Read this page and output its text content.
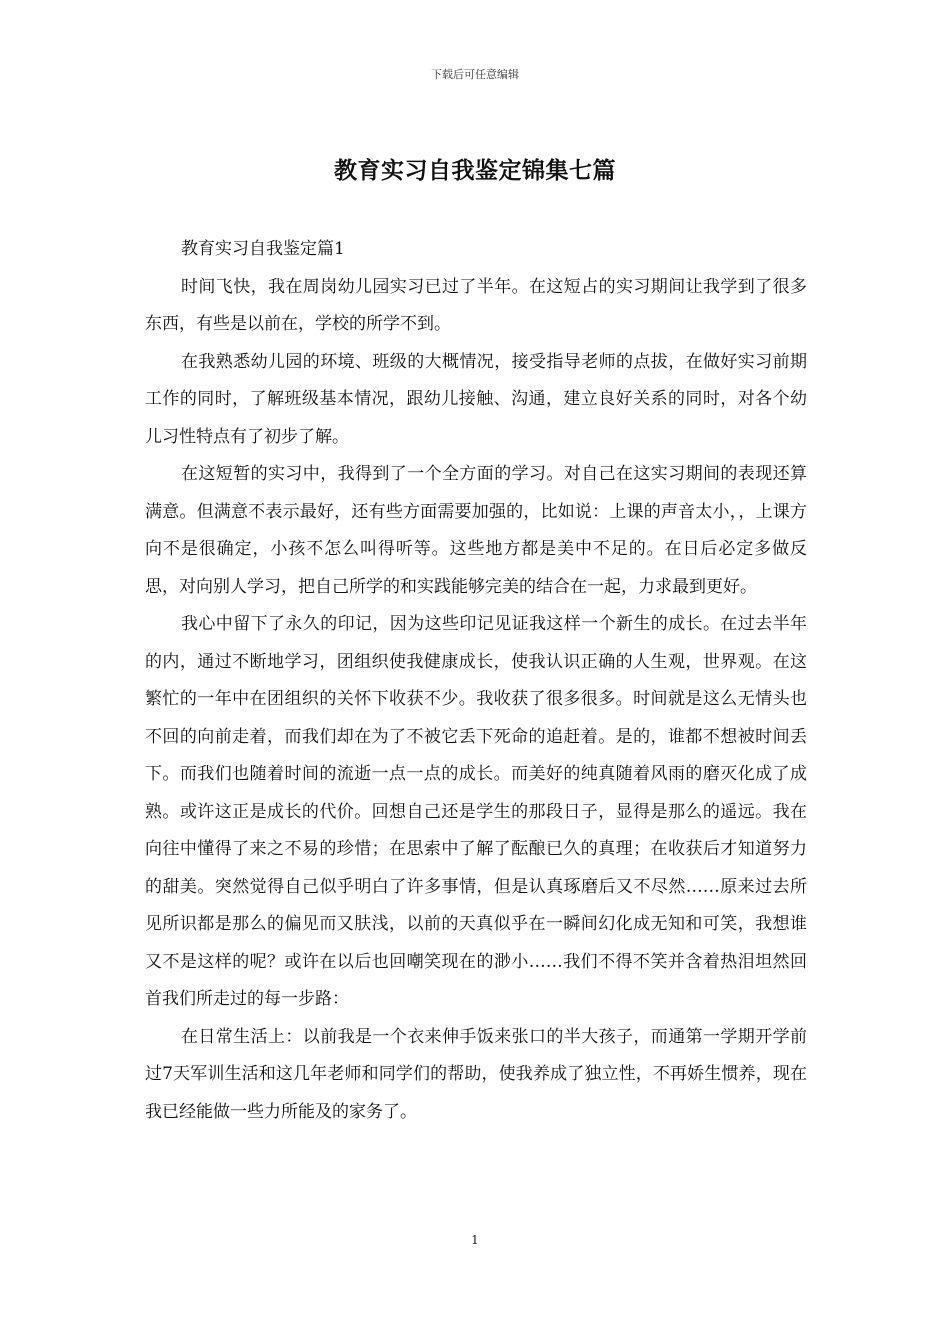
下载后可任意编辑
教育实习自我鉴定锦集七篇

教育实习自我鉴定篇1

时间飞快，我在周岗幼儿园实习已过了半年。在这短占的实习期间让我学到了很多东西，有些是以前在，学校的所学不到。

在我熟悉幼儿园的环境、班级的大概情况，接受指导老师的点拔，在做好实习前期工作的同时，了解班级基本情况，跟幼儿接触、沟通，建立良好关系的同时，对各个幼儿习性特点有了初步了解。

在这短暂的实习中，我得到了一个全方面的学习。对自己在这实习期间的表现还算满意。但满意不表示最好，还有些方面需要加强的，比如说：上课的声音太小，，上课方向不是很确定，小孩不怎么叫得听等。这些地方都是美中不足的。在日后必定多做反思，对向别人学习，把自己所学的和实践能够完美的结合在一起，力求最到更好。

我心中留下了永久的印记，因为这些印记见证我这样一个新生的成长。在过去半年的内，通过不断地学习，团组织使我健康成长，使我认识正确的人生观，世界观。在这繁忙的一年中在团组织的关怀下收获不少。我收获了很多很多。时间就是这么无情头也不回的向前走着，而我们却在为了不被它丢下死命的追赶着。是的，谁都不想被时间丢下。而我们也随着时间的流逝一点一点的成长。而美好的纯真随着风雨的磨灭化成了成熟。或许这正是成长的代价。回想自己还是学生的那段日子，显得是那么的遥远。我在向往中懂得了来之不易的珍惜；在思索中了解了酝酿已久的真理；在收获后才知道努力的甜美。突然觉得自己似乎明白了许多事情，但是认真琢磨后又不尽然……原来过去所见所识都是那么的偏见而又肤浅，以前的天真似乎在一瞬间幻化成无知和可笑，我想谁又不是这样的呢？或许在以后也回嘲笑现在的渺小……我们不得不笑并含着热泪坦然回首我们所走过的每一步路：

在日常生活上：以前我是一个衣来伸手饭来张口的半大孩子，而通第一学期开学前过7天军训生活和这几年老师和同学们的帮助，使我养成了独立性，不再娇生惯养，现在我已经能做一些力所能及的家务了。

1
